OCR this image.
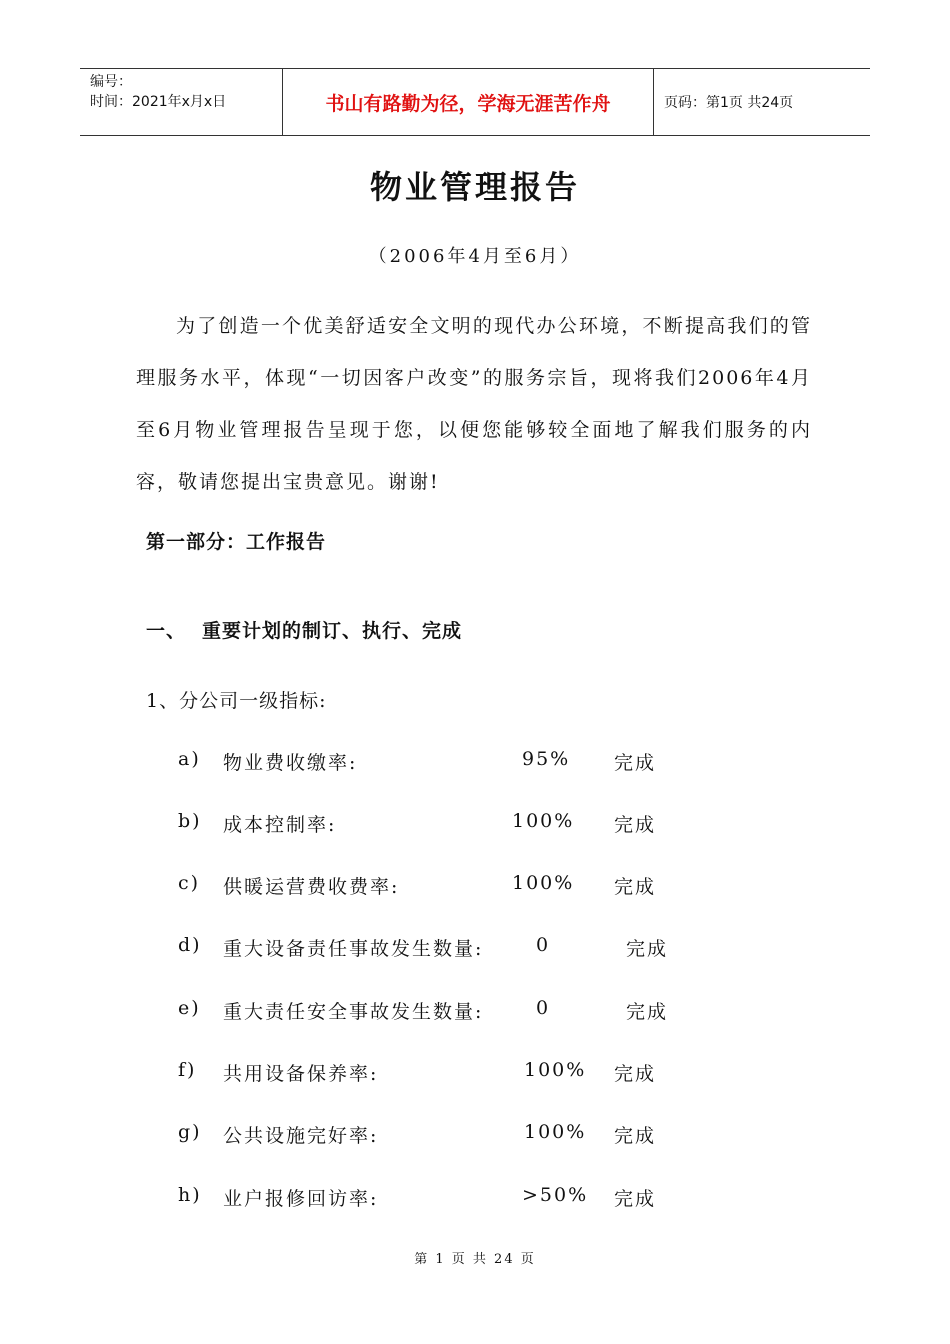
编号：
时间：2021年x月x日	书山有路勤为径，学海无涯苦作舟	页码：第1页 共24页
物业管理报告
（2006年4月至6月）

为了创造一个优美舒适安全文明的现代办公环境，不断提高我们的管理服务水平，体现“一切因客户改变”的服务宗旨，现将我们2006年4月至6月物业管理报告呈现于您，以便您能够较全面地了解我们服务的内容，敬请您提出宝贵意见。谢谢!

第一部分：工作报告
一、 重要计划的制订、执行、完成
1、分公司一级指标:
a) 物业费收缴率:	95% 完成
b) 成本控制率:	100% 完成
c) 供暖运营费收费率:	100% 完成
d) 重大设备责任事故发生数量:	0	完成
e) 重大责任安全事故发生数量:	0	完成
f) 共用设备保养率:	100% 完成
g) 公共设施完好率:	100% 完成
h) 业户报修回访率:	>50% 完成
第 1 页 共 24 页
